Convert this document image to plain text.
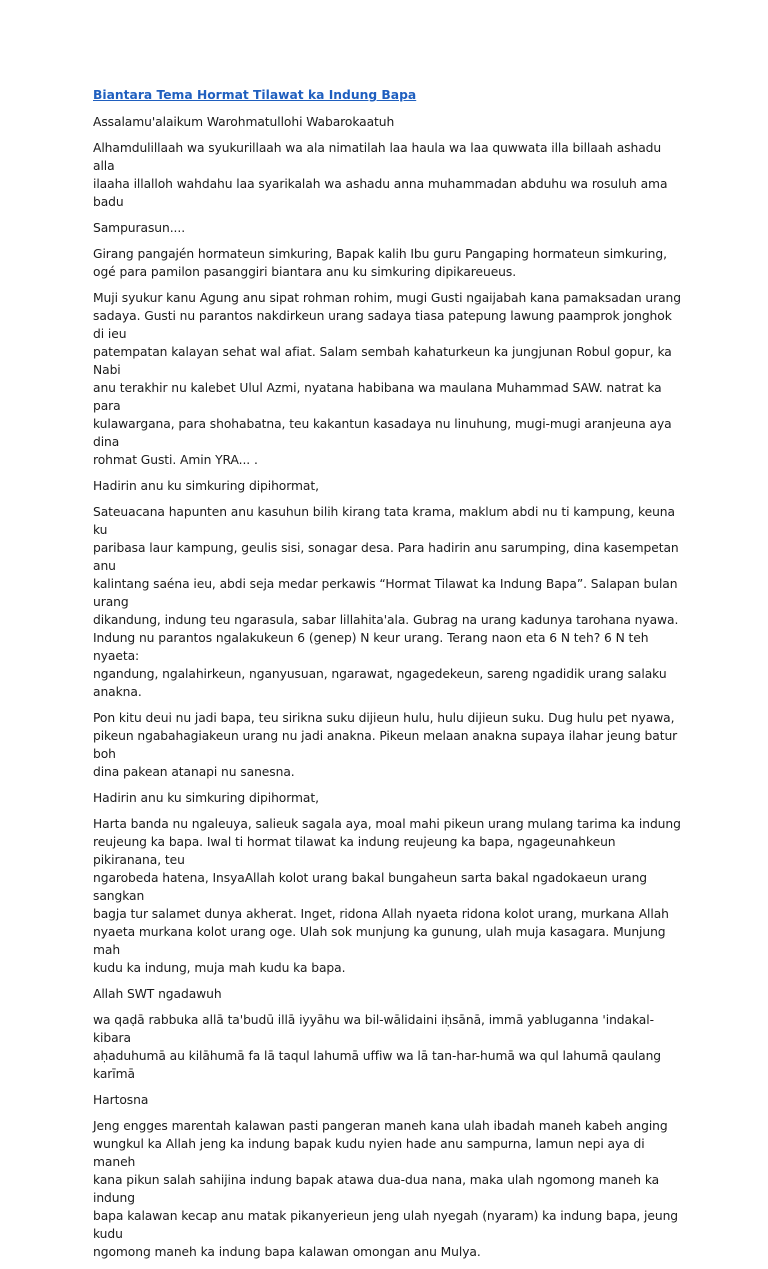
Biantara Tema Hormat Tilawat ka Indung Bapa

Assalamu'alaikum Warohmatullohi Wabarokaatuh

Alhamdulillaah wa syukurillaah wa ala nimatilah laa haula wa laa quwwata illa billaah ashadu alla
ilaaha illalloh wahdahu laa syarikalah wa ashadu anna muhammadan abduhu wa rosuluh ama badu

Sampurasun....

Girang pangajén hormateun simkuring, Bapak kalih Ibu guru Pangaping hormateun simkuring,
ogé para pamilon pasanggiri biantara anu ku simkuring dipikareueus.

Muji syukur kanu Agung anu sipat rohman rohim, mugi Gusti ngaijabah kana pamaksadan urang
sadaya. Gusti nu parantos nakdirkeun urang sadaya tiasa patepung lawung paamprok jonghok di ieu
patempatan kalayan sehat wal afiat. Salam sembah kahaturkeun ka jungjunan Robul gopur, ka Nabi
anu terakhir nu kalebet Ulul Azmi, nyatana habibana wa maulana Muhammad SAW. natrat ka para
kulawargana, para shohabatna, teu kakantun kasadaya nu linuhung, mugi-mugi aranjeuna aya dina
rohmat Gusti. Amin YRA... .

Hadirin anu ku simkuring dipihormat,

Sateuacana hapunten anu kasuhun bilih kirang tata krama, maklum abdi nu ti kampung, keuna ku
paribasa laur kampung, geulis sisi, sonagar desa. Para hadirin anu sarumping, dina kasempetan anu
kalintang saéna ieu, abdi seja medar perkawis “Hormat Tilawat ka Indung Bapa”. Salapan bulan urang
dikandung, indung teu ngarasula, sabar lillahita'ala. Gubrag na urang kadunya tarohana nyawa.
Indung nu parantos ngalakukeun 6 (genep) N keur urang. Terang naon eta 6 N teh? 6 N teh nyaeta:
ngandung, ngalahirkeun, nganyusuan, ngarawat, ngagedekeun, sareng ngadidik urang salaku anakna.

Pon kitu deui nu jadi bapa, teu sirikna suku dijieun hulu, hulu dijieun suku. Dug hulu pet nyawa,
pikeun ngabahagiakeun urang nu jadi anakna. Pikeun melaan anakna supaya ilahar jeung batur boh
dina pakean atanapi nu sanesna.

Hadirin anu ku simkuring dipihormat,

Harta banda nu ngaleuya, salieuk sagala aya, moal mahi pikeun urang mulang tarima ka indung
reujeung ka bapa. Iwal ti hormat tilawat ka indung reujeung ka bapa, ngageunahkeun pikiranana, teu
ngarobeda hatena, InsyaAllah kolot urang bakal bungaheun sarta bakal ngadokaeun urang sangkan
bagja tur salamet dunya akherat. Inget, ridona Allah nyaeta ridona kolot urang, murkana Allah
nyaeta murkana kolot urang oge. Ulah sok munjung ka gunung, ulah muja kasagara. Munjung mah
kudu ka indung, muja mah kudu ka bapa.

Allah SWT ngadawuh

wa qaḍā rabbuka allā ta'budū illā iyyāhu wa bil-wālidaini iḥsānā, immā yabluganna 'indakal-kibara
aḥaduhumā au kilāhumā fa lā taqul lahumā uffiw wa lā tan-har-humā wa qul lahumā qaulang karīmā

Hartosna

Jeng engges marentah kalawan pasti pangeran maneh kana ulah ibadah maneh kabeh anging
wungkul ka Allah jeng ka indung bapak kudu nyien hade anu sampurna, lamun nepi aya di maneh
kana pikun salah sahijina indung bapak atawa dua-dua nana, maka ulah ngomong maneh ka indung
bapa kalawan kecap anu matak pikanyerieun jeng ulah nyegah (nyaram) ka indung bapa, jeung kudu
ngomong maneh ka indung bapa kalawan omongan anu Mulya.
